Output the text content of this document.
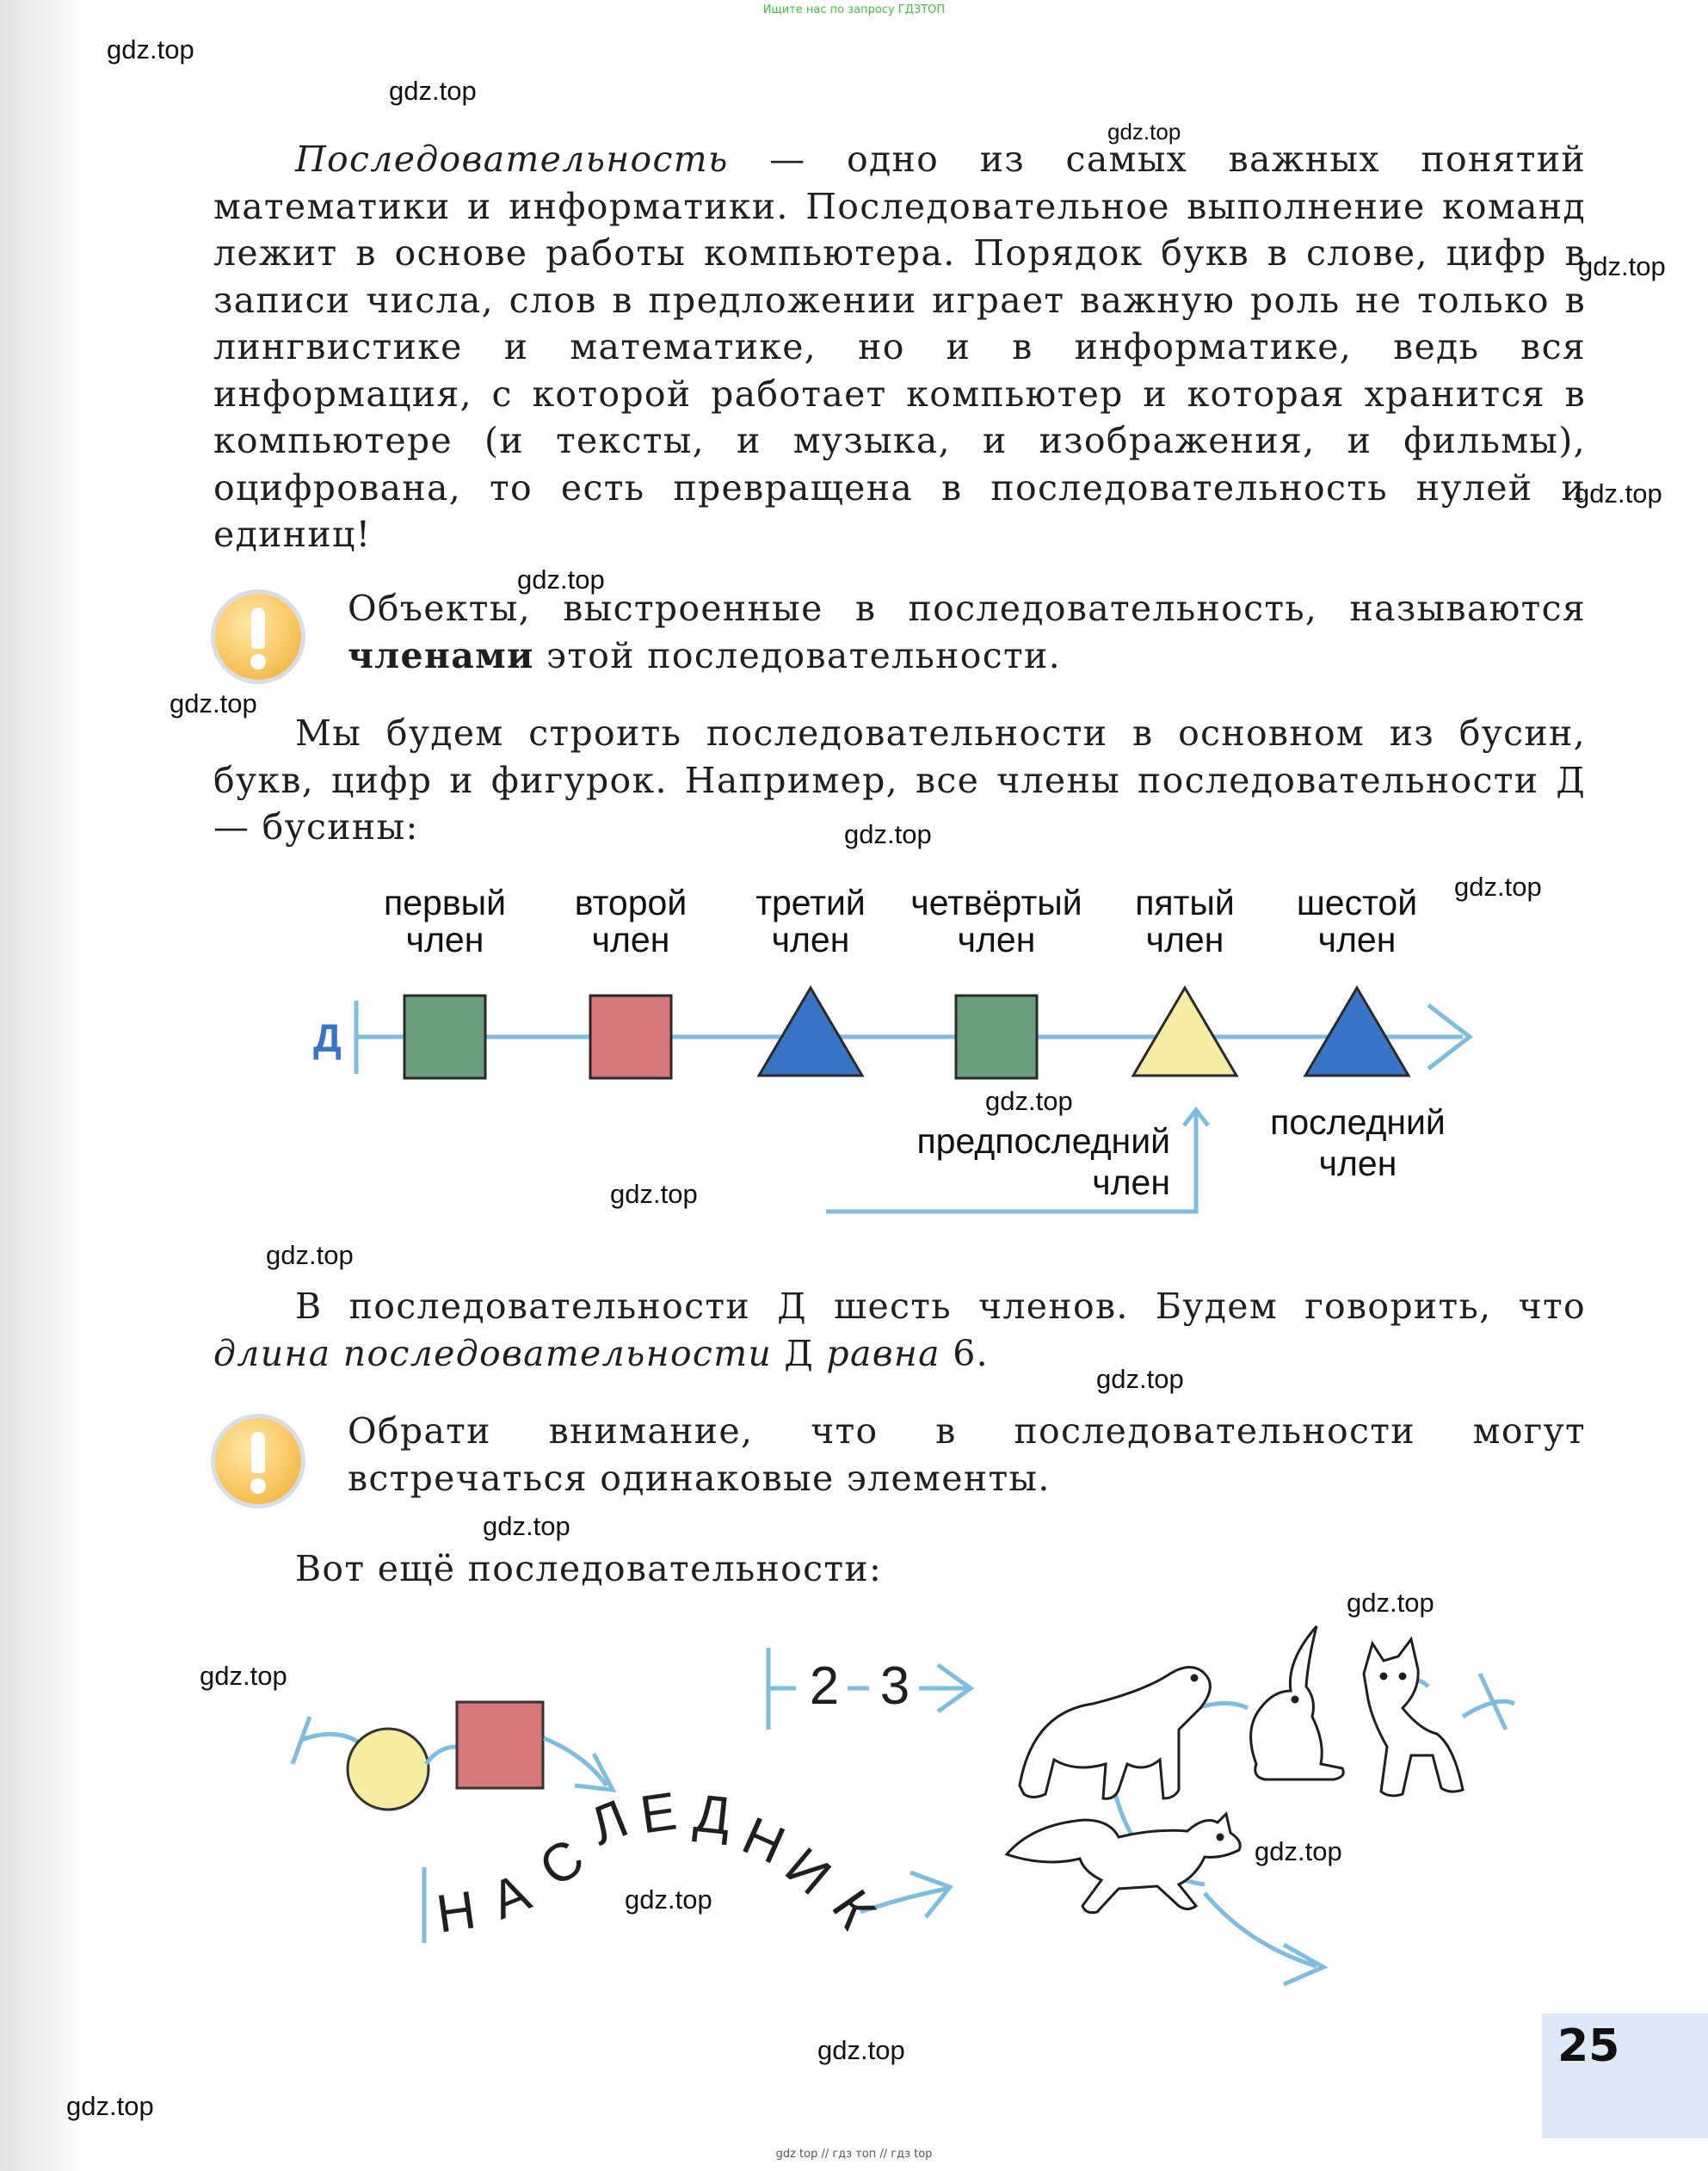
Ищите нас по запросу ГДЗТОП
gdz.top
gdz.top
gdz.top
gdz.top
gdz.top
gdz.top
gdz.top
gdz.top
gdz.top
gdz.top
gdz.top
gdz.top
gdz.top
gdz.top
gdz.top
gdz.top
gdz.top
gdz.top
gdz.top
gdz.top
Последовательность — одно из самых важных понятий математики и информатики. Последовательное выполнение команд лежит в основе работы компьютера. Порядок букв в слове, цифр в записи числа, слов в предложении играет важную роль не только в лингвистике и математике, но и в информатике, ведь вся информация, с которой работает компьютер и которая хранится в компьютере (и тексты, и музыка, и изображения, и фильмы), оцифрована, то есть превращена в последовательность нулей и единиц!
Объекты, выстроенные в последовательность, называются членами этой последовательности.
Мы будем строить последовательности в основном из бусин, букв, цифр и фигурок. Например, все члены последовательности Д — бусины:
Д
первый
член
второй
член
третий
член
четвёртый
член
пятый
член
шестой
член
предпоследний
член
последний
член
В последовательности Д шесть членов. Будем говорить, что длина последовательности Д равна 6.
Обрати внимание, что в последовательности могут встречаться одинаковые элементы.
Вот ещё последовательности:
2 3
Н А
С
Л Е Д Н
И
К
25
gdz top // гдз топ // гдз top
